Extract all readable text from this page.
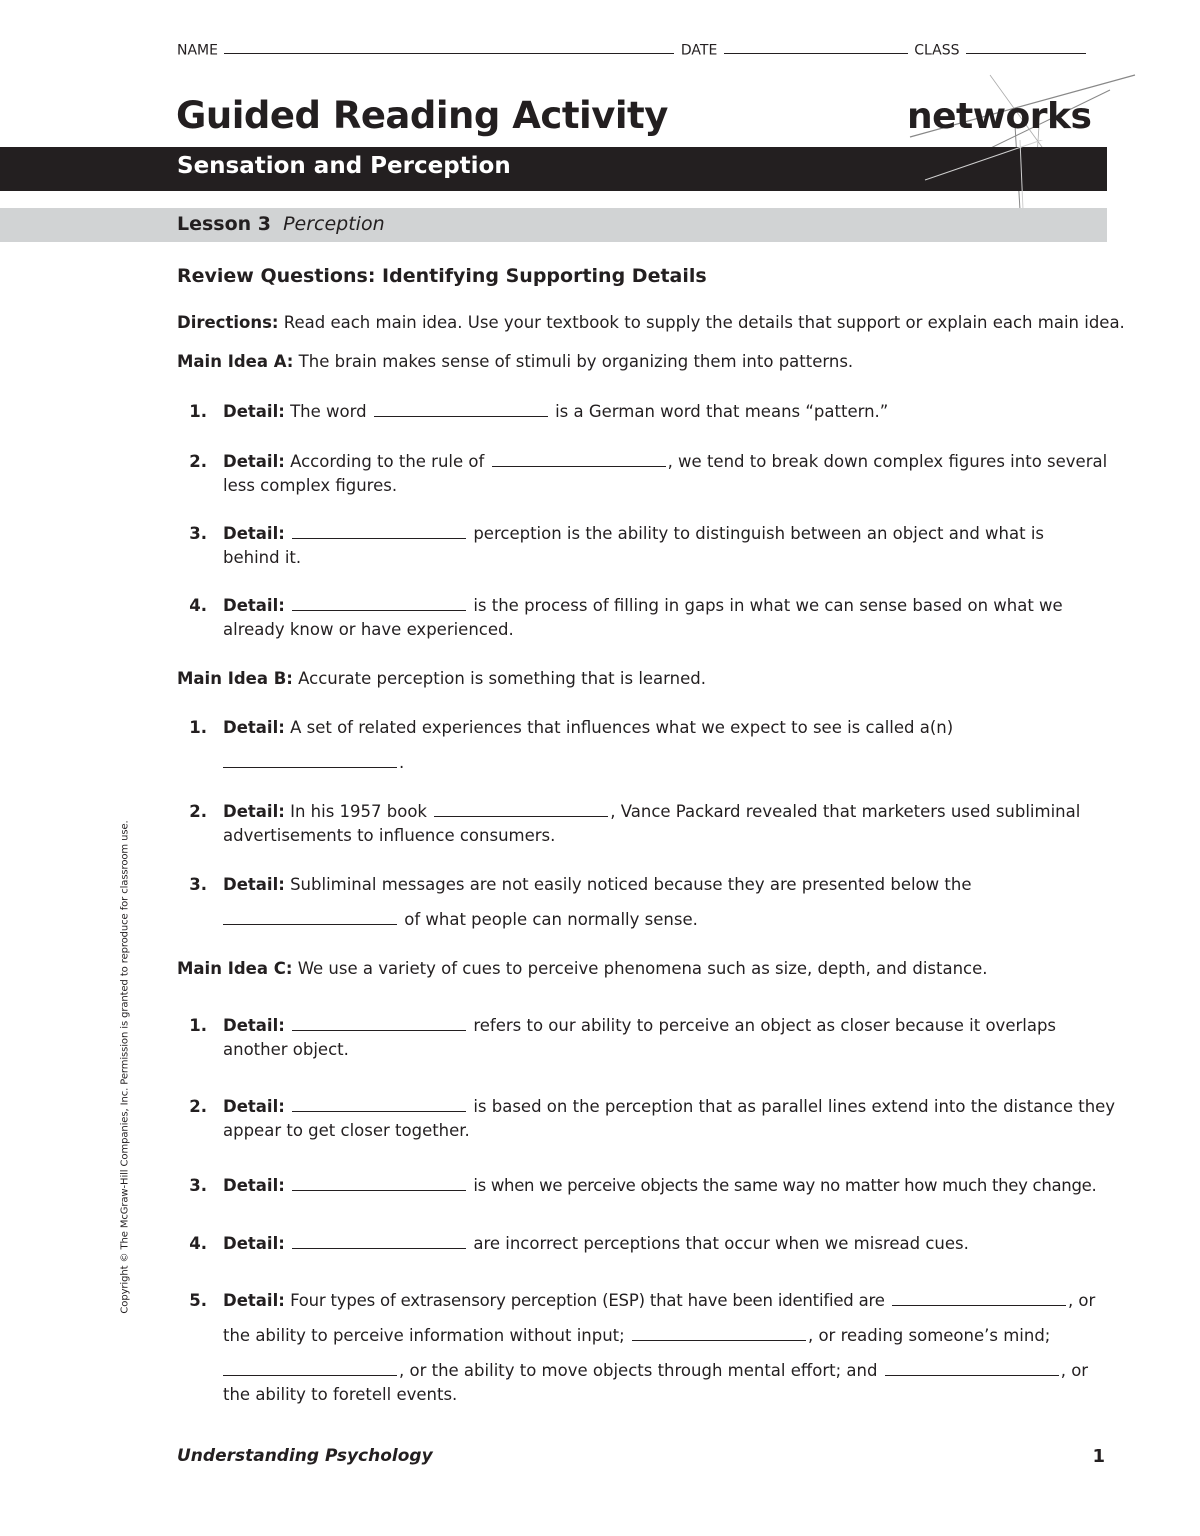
NAME	DATE	CLASS
Guided Reading Activity	networks
Sensation and Perception
Lesson 3 Perception
Review Questions: Identifying Supporting Details
Directions: Read each main idea. Use your textbook to supply the details that support or explain each main idea.
Main Idea A: The brain makes sense of stimuli by organizing them into patterns.
1. Detail: The word	is a German word that means “pattern.”
2. Detail: According to the rule of	, we tend to break down complex figures into several
less complex figures.
3. Detail:	perception is the ability to distinguish between an object and what is
behind it.
4. Detail:	is the process of filling in gaps in what we can sense based on what we
already know or have experienced.
Main Idea B: Accurate perception is something that is learned.
1. Detail: A set of related experiences that influences what we expect to see is called a(n)
.
2. Detail: In his 1957 book	, Vance Packard revealed that marketers used subliminal
advertisements to influence consumers.
3. Detail: Subliminal messages are not easily noticed because they are presented below the
of what people can normally sense.
Main Idea C: We use a variety of cues to perceive phenomena such as size, depth, and distance.
1. Detail:	refers to our ability to perceive an object as closer because it overlaps
another object.
2. Detail:	is based on the perception that as parallel lines extend into the distance they
appear to get closer together.
3. Detail:	is when we perceive objects the same way no matter how much they change.
4. Detail:	are incorrect perceptions that occur when we misread cues.
5. Detail: Four types of extrasensory perception (ESP) that have been identified are	, or
the ability to perceive information without input;	, or reading someone’s mind;
, or the ability to move objects through mental effort; and	, or
the ability to foretell events.
Copyright © The McGraw-Hill Companies, Inc. Permission is granted to reproduce for classroom use.
Understanding Psychology	1
